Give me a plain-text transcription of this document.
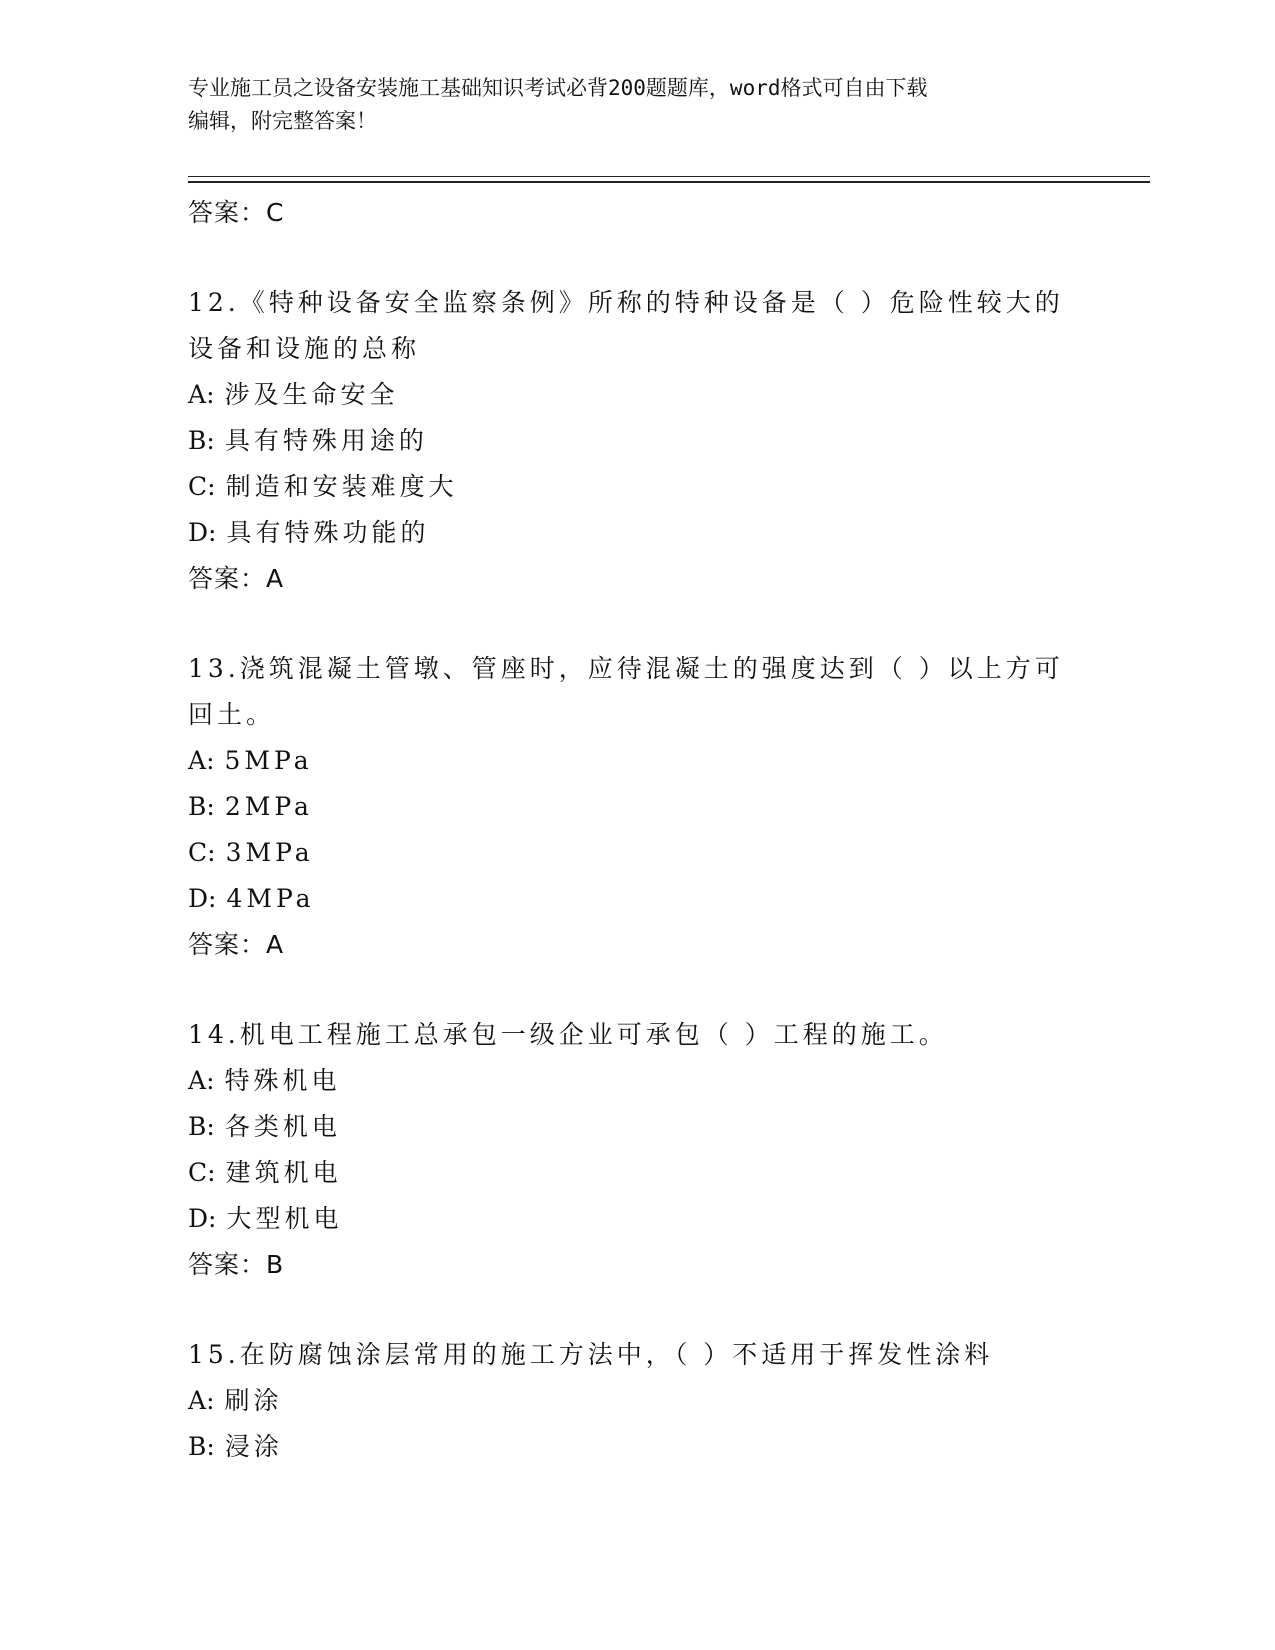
专业施工员之设备安装施工基础知识考试必背200题题库，word格式可自由下载
编辑，附完整答案！
答案：C
12.《特种设备安全监察条例》所称的特种设备是（ ）危险性较大的
设备和设施的总称
A: 涉及生命安全
B: 具有特殊用途的
C: 制造和安装难度大
D: 具有特殊功能的
答案：A
13.浇筑混凝土管墩、管座时，应待混凝土的强度达到（ ）以上方可
回土。
A: 5MPa
B: 2MPa
C: 3MPa
D: 4MPa
答案：A
14.机电工程施工总承包一级企业可承包（ ）工程的施工。
A: 特殊机电
B: 各类机电
C: 建筑机电
D: 大型机电
答案：B
15.在防腐蚀涂层常用的施工方法中，（ ）不适用于挥发性涂料
A: 刷涂
B: 浸涂
